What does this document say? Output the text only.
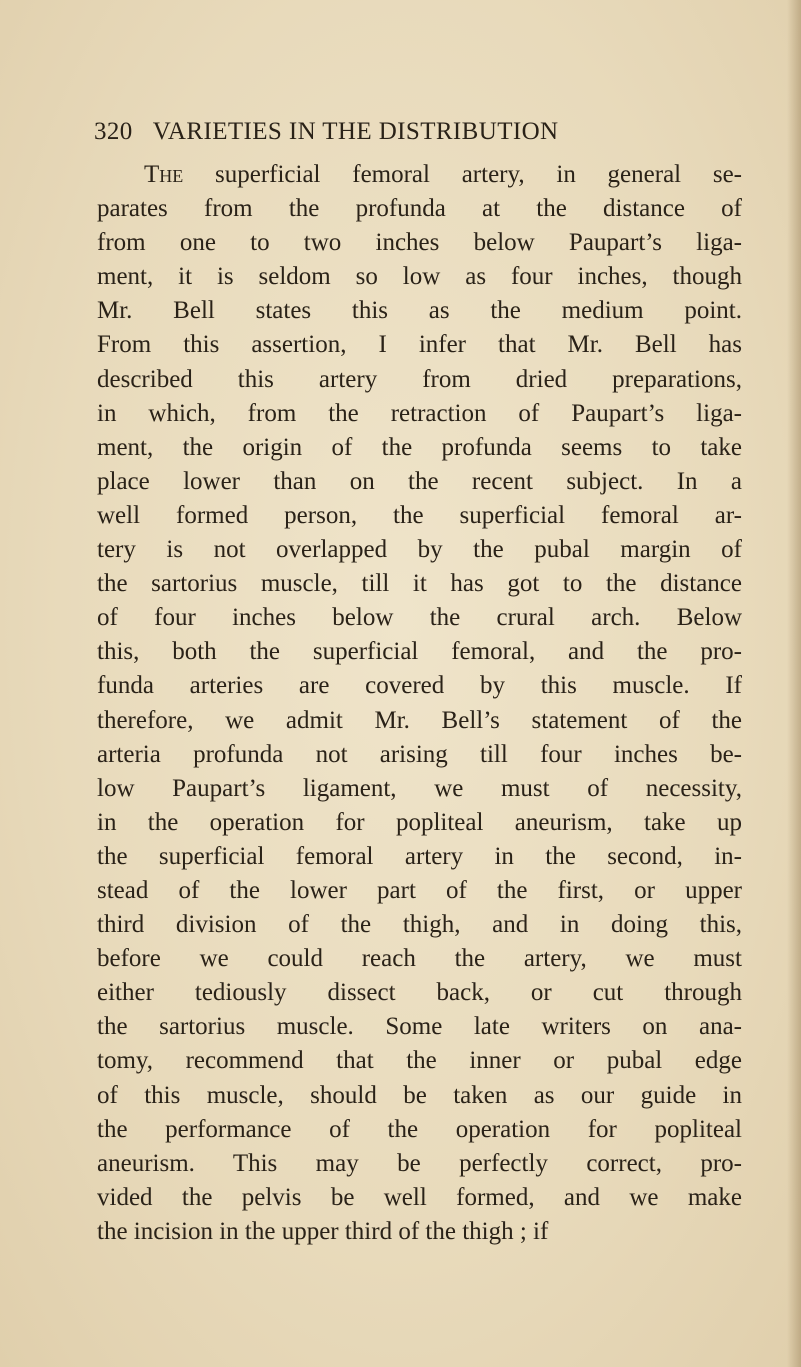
320 VARIETIES IN THE DISTRIBUTION
The superficial femoral artery, in general se-
parates from the profunda at the distance of
from one to two inches below Paupart’s liga-
ment, it is seldom so low as four inches, though
Mr. Bell states this as the medium point.
From this assertion, I infer that Mr. Bell has
described this artery from dried preparations,
in which, from the retraction of Paupart’s liga-
ment, the origin of the profunda seems to take
place lower than on the recent subject. In a
well formed person, the superficial femoral ar-
tery is not overlapped by the pubal margin of
the sartorius muscle, till it has got to the distance
of four inches below the crural arch. Below
this, both the superficial femoral, and the pro-
funda arteries are covered by this muscle. If
therefore, we admit Mr. Bell’s statement of the
arteria profunda not arising till four inches be-
low Paupart’s ligament, we must of necessity,
in the operation for popliteal aneurism, take up
the superficial femoral artery in the second, in-
stead of the lower part of the first, or upper
third division of the thigh, and in doing this,
before we could reach the artery, we must
either tediously dissect back, or cut through
the sartorius muscle. Some late writers on ana-
tomy, recommend that the inner or pubal edge
of this muscle, should be taken as our guide in
the performance of the operation for popliteal
aneurism. This may be perfectly correct, pro-
vided the pelvis be well formed, and we make
the incision in the upper third of the thigh ; if
